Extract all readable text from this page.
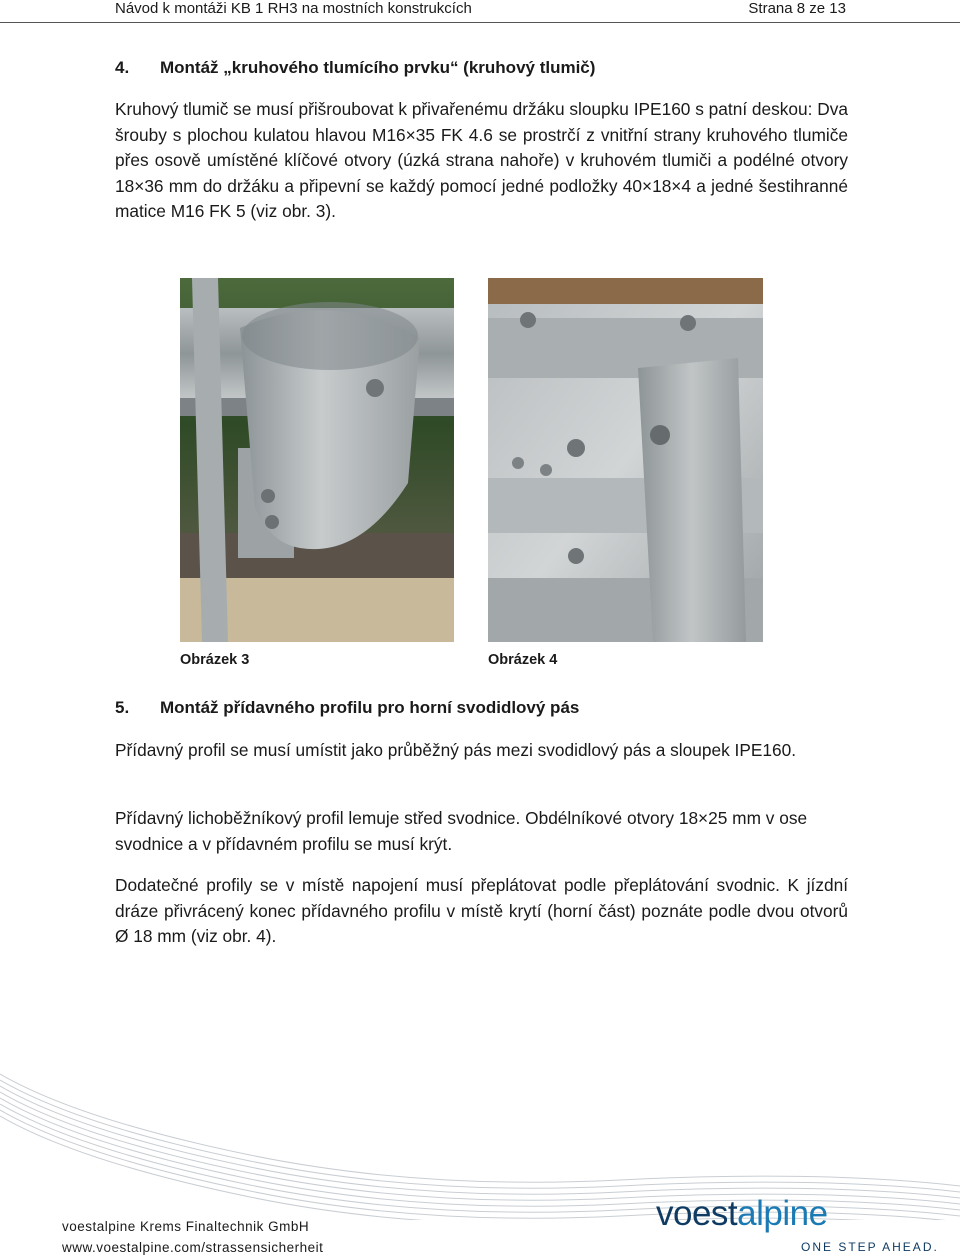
Návod k montáži KB 1 RH3 na mostních konstrukcích	Strana 8 ze 13
4. Montáž „kruhového tlumícího prvku“ (kruhový tlumič)

Kruhový tlumič se musí přišroubovat k přivařenému držáku sloupku IPE160 s patní deskou: Dva šrouby s plochou kulatou hlavou M16×35 FK 4.6 se prostrčí z vnitřní strany kruhového tlumiče přes osově umístěné klíčové otvory (úzká strana nahoře) v kruhovém tlumiči a podélné otvory 18×36 mm do držáku a připevní se každý pomocí jedné podložky 40×18×4 a jedné šestihranné matice M16 FK 5 (viz obr. 3).

Obrázek 3	Obrázek 4
5. Montáž přídavného profilu pro horní svodidlový pás

Přídavný profil se musí umístit jako průběžný pás mezi svodidlový pás a sloupek IPE160.

Přídavný lichoběžníkový profil lemuje střed svodnice. Obdélníkové otvory 18×25 mm v ose svodnice a v přídavném profilu se musí krýt.

Dodatečné profily se v místě napojení musí přeplátovat podle přeplátování svodnic. K jízdní dráze přivrácený konec přídavného profilu v místě krytí (horní část) poznáte podle dvou otvorů Ø 18 mm (viz obr. 4).

voestalpine Krems Finaltechnik GmbH
www.voestalpine.com/strassensicherheit
voestalpine
ONE STEP AHEAD.
